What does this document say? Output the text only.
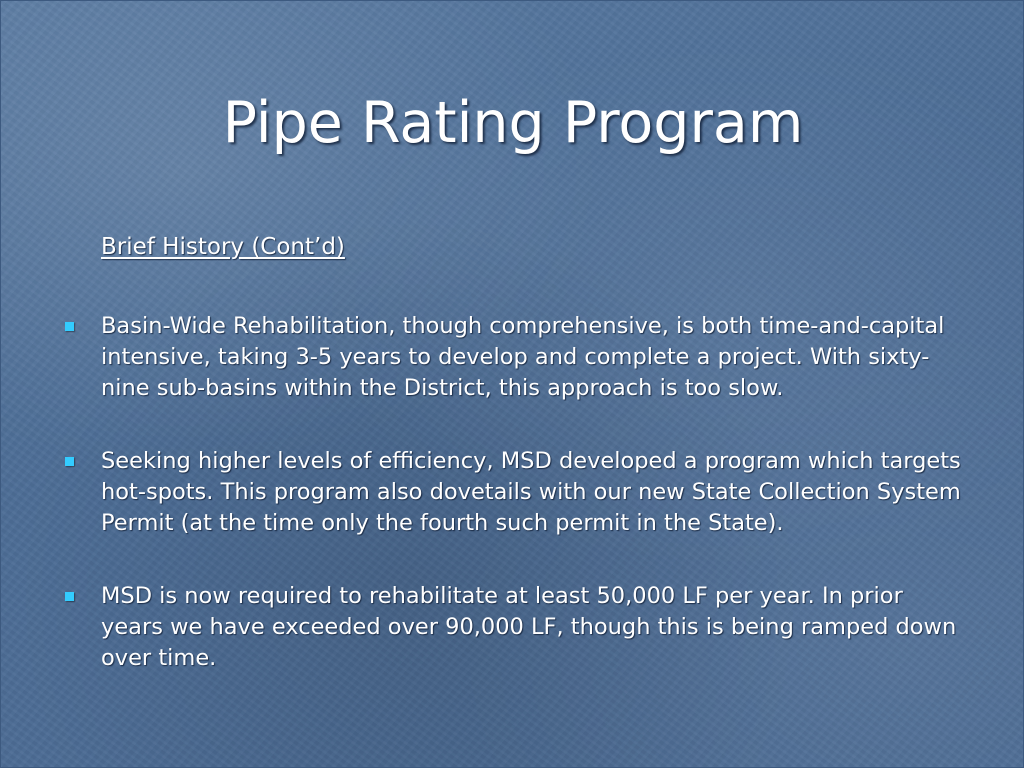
Pipe Rating Program
Brief History (Cont’d)
Basin-Wide Rehabilitation, though comprehensive, is both time-and-capital intensive, taking 3-5 years to develop and complete a project. With sixty-nine sub-basins within the District, this approach is too slow.
Seeking higher levels of efficiency, MSD developed a program which targets hot-spots. This program also dovetails with our new State Collection System Permit (at the time only the fourth such permit in the State).
MSD is now required to rehabilitate at least 50,000 LF per year. In prior years we have exceeded over 90,000 LF, though this is being ramped down over time.
